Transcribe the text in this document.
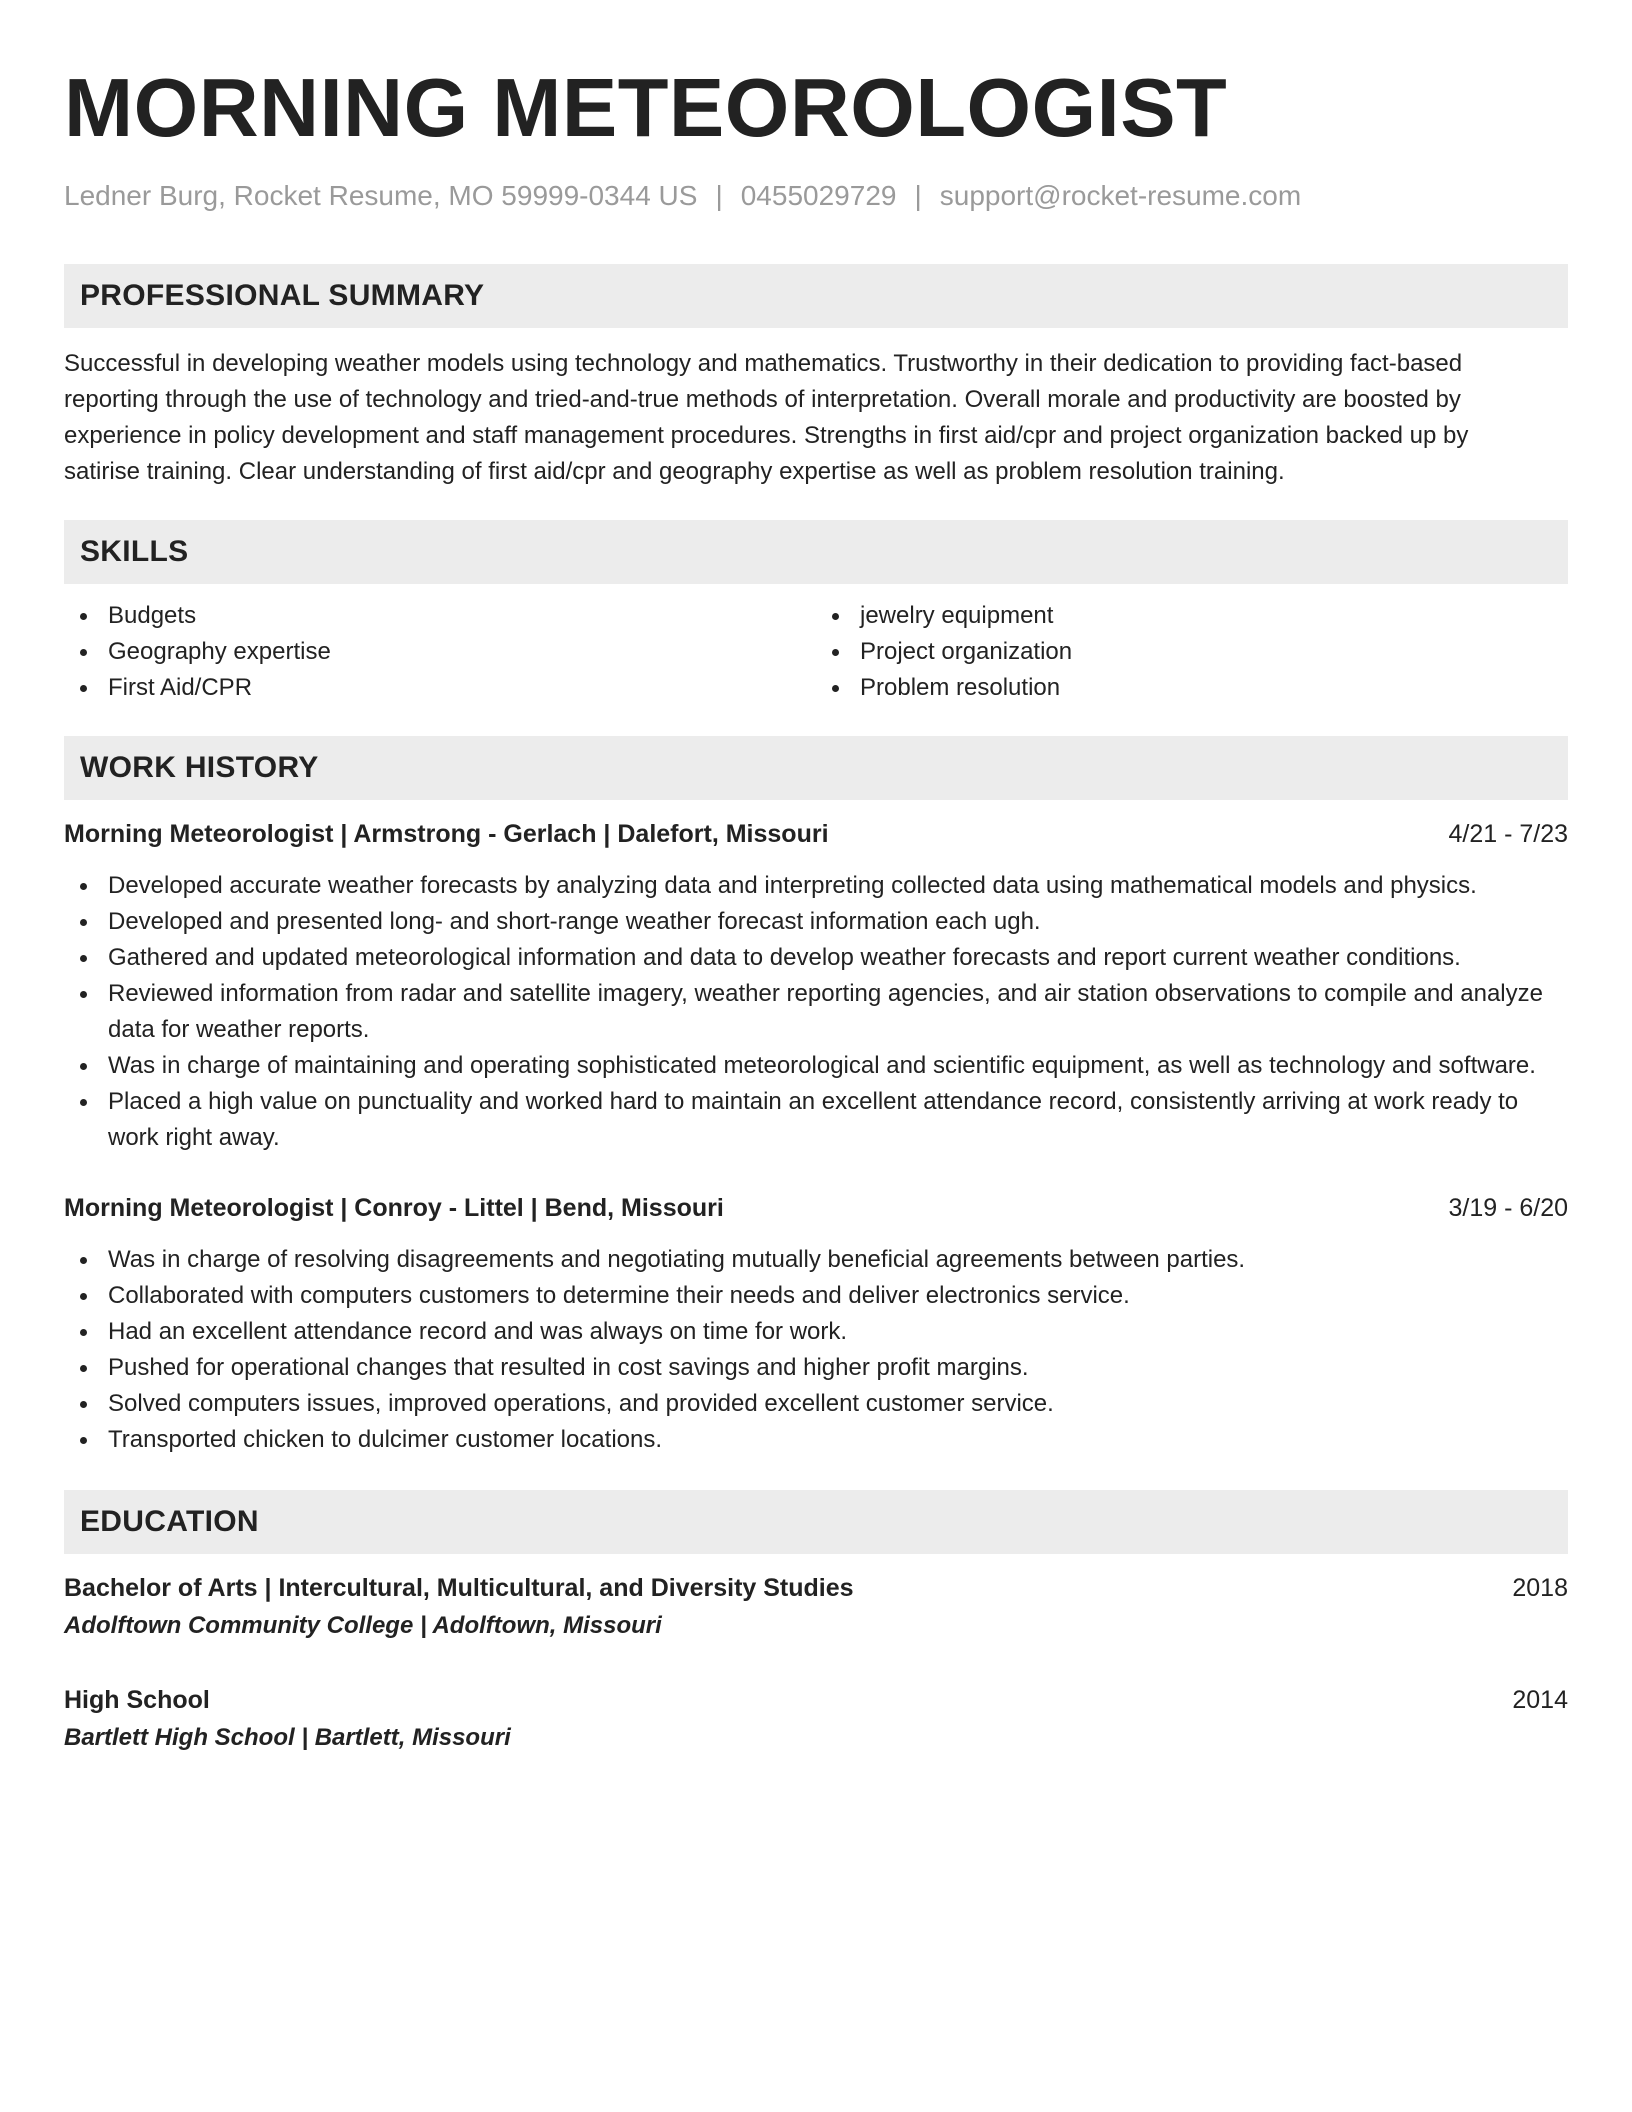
MORNING METEOROLOGIST
Ledner Burg, Rocket Resume, MO 59999-0344 US | 0455029729 | support@rocket-resume.com
PROFESSIONAL SUMMARY

Successful in developing weather models using technology and mathematics. Trustworthy in their dedication to providing fact-based reporting through the use of technology and tried-and-true methods of interpretation. Overall morale and productivity are boosted by experience in policy development and staff management procedures. Strengths in first aid/cpr and project organization backed up by satirise training. Clear understanding of first aid/cpr and geography expertise as well as problem resolution training.

SKILLS
Budgets
Geography expertise
First Aid/CPR
jewelry equipment
Project organization
Problem resolution
WORK HISTORY
Morning Meteorologist | Armstrong - Gerlach | Dalefort, Missouri	4/21 - 7/23
Developed accurate weather forecasts by analyzing data and interpreting collected data using mathematical models and physics.
Developed and presented long- and short-range weather forecast information each ugh.
Gathered and updated meteorological information and data to develop weather forecasts and report current weather conditions.
Reviewed information from radar and satellite imagery, weather reporting agencies, and air station observations to compile and analyze data for weather reports.
Was in charge of maintaining and operating sophisticated meteorological and scientific equipment, as well as technology and software.
Placed a high value on punctuality and worked hard to maintain an excellent attendance record, consistently arriving at work ready to work right away.
Morning Meteorologist | Conroy - Littel | Bend, Missouri	3/19 - 6/20
Was in charge of resolving disagreements and negotiating mutually beneficial agreements between parties.
Collaborated with computers customers to determine their needs and deliver electronics service.
Had an excellent attendance record and was always on time for work.
Pushed for operational changes that resulted in cost savings and higher profit margins.
Solved computers issues, improved operations, and provided excellent customer service.
Transported chicken to dulcimer customer locations.
EDUCATION
Bachelor of Arts | Intercultural, Multicultural, and Diversity Studies	2018
Adolftown Community College | Adolftown, Missouri
High School	2014
Bartlett High School | Bartlett, Missouri
